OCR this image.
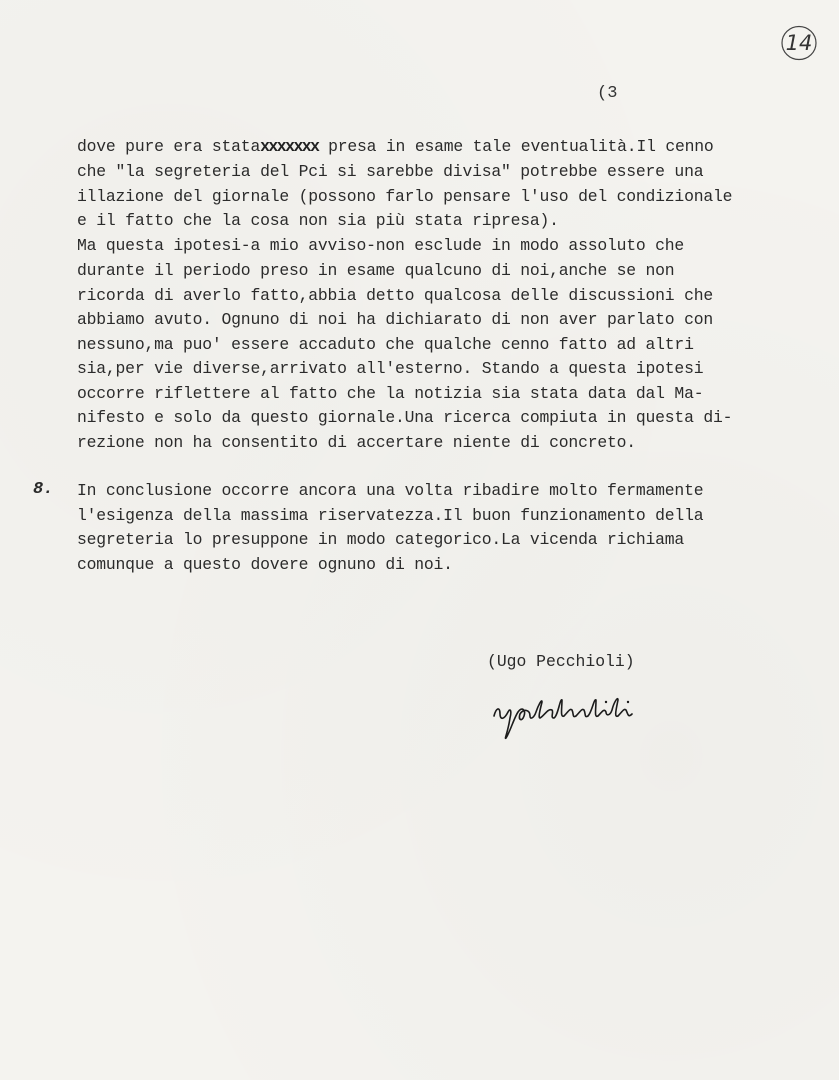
14
(3
dove pure era stataxxxxxxx presa in esame tale eventualità.Il cenno
che "la segreteria del Pci si sarebbe divisa" potrebbe essere una
illazione del giornale (possono farlo pensare l'uso del condizionale
e il fatto che la cosa non sia più stata ripresa).
Ma questa ipotesi-a mio avviso-non esclude in modo assoluto che
durante il periodo preso in esame qualcuno di noi,anche se non
ricorda di averlo fatto,abbia detto qualcosa delle discussioni che
abbiamo avuto. Ognuno di noi ha dichiarato di non aver parlato con
nessuno,ma puo' essere accaduto che qualche cenno fatto ad altri
sia,per vie diverse,arrivato all'esterno. Stando a questa ipotesi
occorre riflettere al fatto che la notizia sia stata data dal Ma-
nifesto e solo da questo giornale.Una ricerca compiuta in questa di-
rezione non ha consentito di accertare niente di concreto.
8. In conclusione occorre ancora una volta ribadire molto fermamente
l'esigenza della massima riservatezza.Il buon funzionamento della
segreteria lo presuppone in modo categorico.La vicenda richiama
comunque a questo dovere ognuno di noi.
(Ugo Pecchioli)
